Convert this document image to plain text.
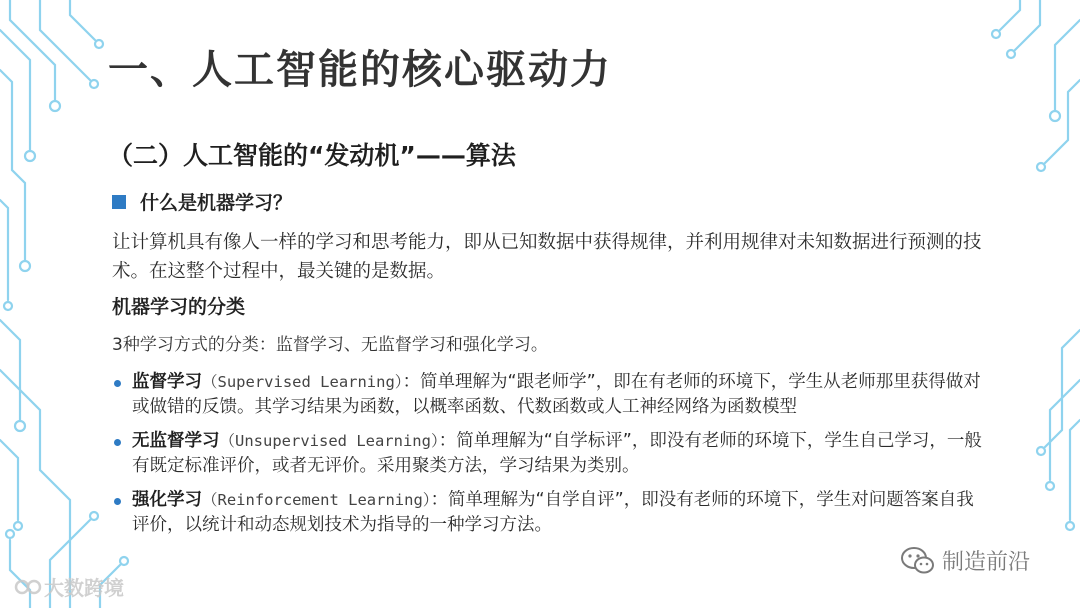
一、人工智能的核心驱动力
（二）人工智能的“发动机”——算法
什么是机器学习？
让计算机具有像人一样的学习和思考能力，即从已知数据中获得规律，并利用规律对未知数据进行预测的技术。在这整个过程中，最关键的是数据。
机器学习的分类
3种学习方式的分类：监督学习、无监督学习和强化学习。
监督学习（Supervised Learning）：简单理解为“跟老师学”，即在有老师的环境下，学生从老师那里获得做对或做错的反馈。其学习结果为函数，以概率函数、代数函数或人工神经网络为函数模型
无监督学习（Unsupervised Learning）：简单理解为“自学标评”，即没有老师的环境下，学生自己学习，一般有既定标准评价，或者无评价。采用聚类方法，学习结果为类别。
强化学习（Reinforcement Learning）：简单理解为“自学自评”，即没有老师的环境下，学生对问题答案自我评价，以统计和动态规划技术为指导的一种学习方法。
大数跨境
制造前沿
